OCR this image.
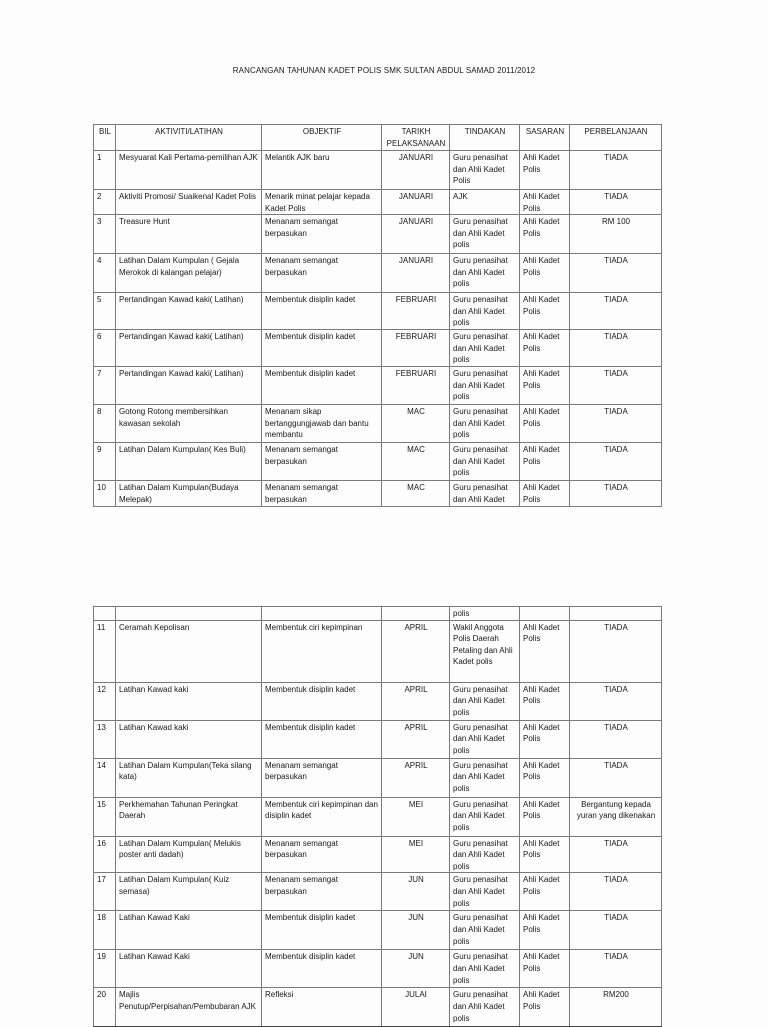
RANCANGAN TAHUNAN KADET POLIS SMK SULTAN ABDUL SAMAD 2011/2012
BIL	AKTIVITI/LATIHAN	OBJEKTIF	TARIKH PELAKSANAAN	TINDAKAN	SASARAN	PERBELANJAAN
1	Mesyuarat Kali Pertama-pemilihan AJK	Melantik AJK baru	JANUARI	Guru penasihat dan Ahli Kadet Polis	Ahli Kadet Polis	TIADA
2	Aktiviti Promosi/ Suaikenal Kadet Polis	Menarik minat pelajar kepada Kadet Polis	JANUARI	AJK	Ahli Kadet Polis	TIADA
3	Treasure Hunt	Menanam semangat berpasukan	JANUARI	Guru penasihat dan Ahli Kadet polis	Ahli Kadet Polis	RM 100
4	Latihan Dalam Kumpulan ( Gejala Merokok di kalangan pelajar)	Menanam semangat berpasukan	JANUARI	Guru penasihat dan Ahli Kadet polis	Ahli Kadet Polis	TIADA
5	Pertandingan Kawad kaki( Latihan)	Membentuk disiplin kadet	FEBRUARI	Guru penasihat dan Ahli Kadet polis	Ahli Kadet Polis	TIADA
6	Pertandingan Kawad kaki( Latihan)	Membentuk disiplin kadet	FEBRUARI	Guru penasihat dan Ahli Kadet polis	Ahli Kadet Polis	TIADA
7	Pertandingan Kawad kaki( Latihan)	Membentuk disiplin kadet	FEBRUARI	Guru penasihat dan Ahli Kadet polis	Ahli Kadet Polis	TIADA
8	Gotong Rotong membersihkan kawasan sekolah	Menanam sikap bertanggungjawab dan bantu membantu	MAC	Guru penasihat dan Ahli Kadet polis	Ahli Kadet Polis	TIADA
9	Latihan Dalam Kumpulan( Kes Buli)	Menanam semangat berpasukan	MAC	Guru penasihat dan Ahli Kadet polis	Ahli Kadet Polis	TIADA
10	Latihan Dalam Kumpulan(Budaya Melepak)	Menanam semangat berpasukan	MAC	Guru penasihat dan Ahli Kadet	Ahli Kadet Polis	TIADA
				polis		
11	Ceramah Kepolisan	Membentuk ciri kepimpinan	APRIL	Wakil Anggota Polis Daerah Petaling dan Ahli Kadet polis	Ahli Kadet Polis	TIADA
12	Latihan Kawad kaki	Membentuk disiplin kadet	APRIL	Guru penasihat dan Ahli Kadet polis	Ahli Kadet Polis	TIADA
13	Latihan Kawad kaki	Membentuk disiplin kadet	APRIL	Guru penasihat dan Ahli Kadet polis	Ahli Kadet Polis	TIADA
14	Latihan Dalam Kumpulan(Teka silang kata)	Menanam semangat berpasukan	APRIL	Guru penasihat dan Ahli Kadet polis	Ahli Kadet Polis	TIADA
15	Perkhemahan Tahunan Peringkat Daerah	Membentuk ciri kepimpinan dan disiplin kadet	MEI	Guru penasihat dan Ahli Kadet polis	Ahli Kadet Polis	Bergantung kepada yuran yang dikenakan
16	Latihan Dalam Kumpulan( Melukis poster anti dadah)	Menanam semangat berpasukan	MEI	Guru penasihat dan Ahli Kadet polis	Ahli Kadet Polis	TIADA
17	Latihan Dalam Kumpulan( Kuiz semasa)	Menanam semangat berpasukan	JUN	Guru penasihat dan Ahli Kadet polis	Ahli Kadet Polis	TIADA
18	Latihan Kawad Kaki	Membentuk disiplin kadet	JUN	Guru penasihat dan Ahli Kadet polis	Ahli Kadet Polis	TIADA
19	Latihan Kawad Kaki	Membentuk disiplin kadet	JUN	Guru penasihat dan Ahli Kadet polis	Ahli Kadet Polis	TIADA
20	Majlis Penutup/Perpisahan/Pembubaran AJK	Refleksi	JULAI	Guru penasihat dan Ahli Kadet polis	Ahli Kadet Polis	RM200
